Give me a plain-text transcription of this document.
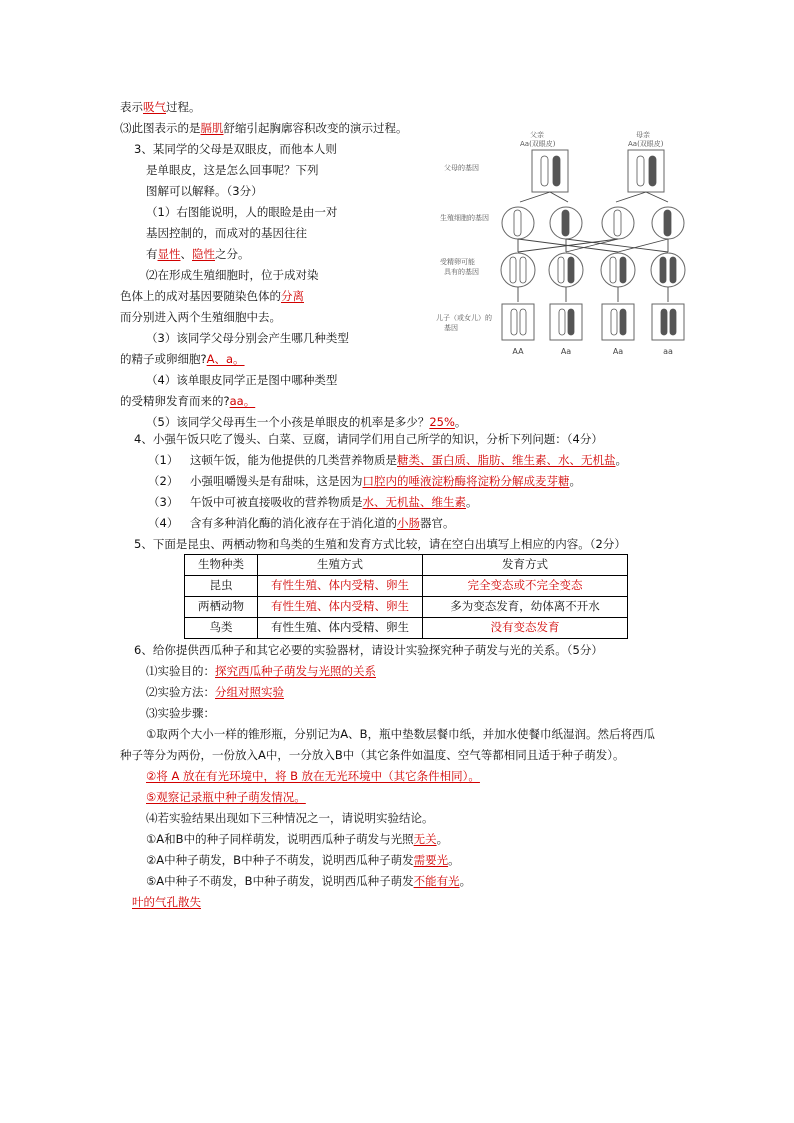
表示吸气过程。
⑶此图表示的是膈肌舒缩引起胸廓容积改变的演示过程。
3、某同学的父母是双眼皮，而他本人则
是单眼皮，这是怎么回事呢？下列
图解可以解释。（3分）
（1）右图能说明，人的眼睑是由一对
基因控制的，而成对的基因往往
有显性、隐性之分。
⑵在形成生殖细胞时，位于成对染
色体上的成对基因要随染色体的分离
而分别进入两个生殖细胞中去。
（3）该同学父母分别会产生哪几种类型
的精子或卵细胞?A、a。
（4）该单眼皮同学正是图中哪种类型
的受精卵发育而来的?aa。
（5）该同学父母再生一个小孩是单眼皮的机率是多少？25%。
父亲
Aa(双眼皮)
母亲
Aa(双眼皮)
父母的基因
生殖细胞的基因
受精卵可能
具有的基因
儿子（或女儿）的
基因
AA	Aa	Aa	aa
4、小强午饭只吃了馒头、白菜、豆腐，请同学们用自己所学的知识，分析下列问题：（4分）
（1） 这顿午饭，能为他提供的几类营养物质是糖类、蛋白质、脂肪、维生素、水、无机盐。
（2） 小强咀嚼馒头是有甜味，这是因为口腔内的唾液淀粉酶将淀粉分解成麦芽糖。
（3） 午饭中可被直接吸收的营养物质是水、无机盐、维生素。
（4） 含有多种消化酶的消化液存在于消化道的小肠器官。
5、下面是昆虫、两栖动物和鸟类的生殖和发育方式比较，请在空白出填写上相应的内容。（2分）
生物种类	生殖方式	发育方式
昆虫	有性生殖、体内受精、卵生	完全变态或不完全变态
两栖动物	有性生殖、体内受精、卵生	多为变态发育，幼体离不开水
鸟类	有性生殖、体内受精、卵生	没有变态发育
6、给你提供西瓜种子和其它必要的实验器材，请设计实验探究种子萌发与光的关系。（5分）
⑴实验目的：探究西瓜种子萌发与光照的关系
⑵实验方法：分组对照实验
⑶实验步骤：
①取两个大小一样的锥形瓶，分别记为A、B，瓶中垫数层餐巾纸，并加水使餐巾纸湿润。然后将西瓜
种子等分为两份，一份放入A中，一分放入B中（其它条件如温度、空气等都相同且适于种子萌发）。
②将 A 放在有光环境中，将 B 放在无光环境中（其它条件相同）。
⑤观察记录瓶中种子萌发情况。
⑷若实验结果出现如下三种情况之一，请说明实验结论。
①A和B中的种子同样萌发，说明西瓜种子萌发与光照无关。
②A中种子萌发，B中种子不萌发，说明西瓜种子萌发需要光。
⑤A中种子不萌发，B中种子萌发，说明西瓜种子萌发不能有光。
叶的气孔散失
